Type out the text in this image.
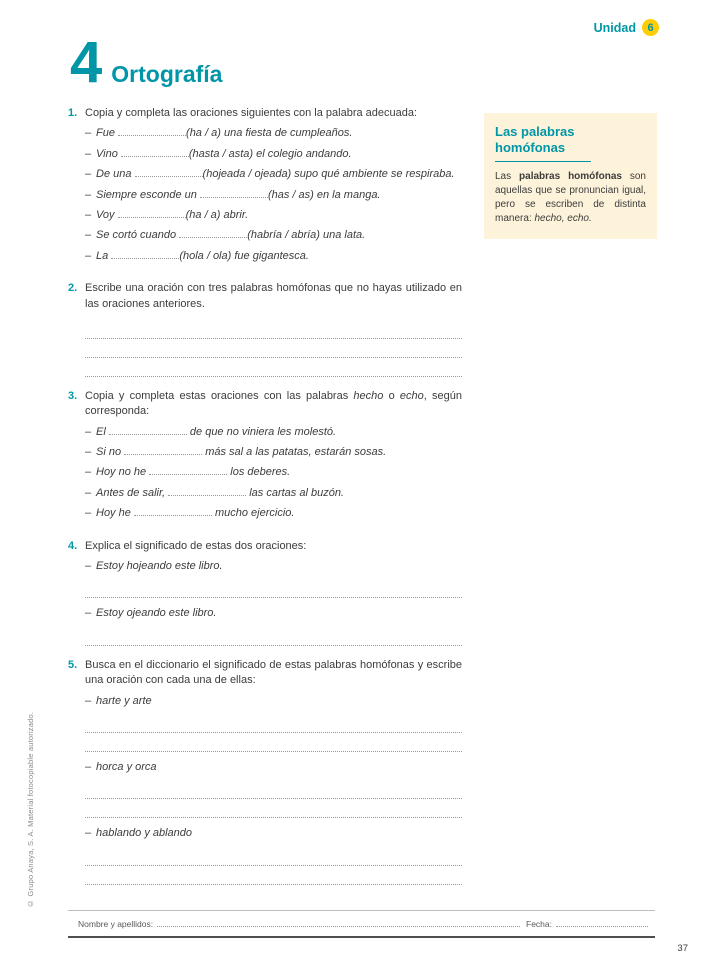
Unidad	6
4 Ortografía
Las palabras homófonas
Las palabras homófonas son aquellas que se pronuncian igual, pero se escriben de distinta manera: hecho, echo.
1. Copia y completa las oraciones siguientes con la palabra adecuada:

– Fue	(ha / a) una fiesta de cumpleaños.
– Vino	(hasta / asta) el colegio andando.
– De una	(hojeada / ojeada) supo qué ambiente se respiraba.
– Siempre esconde un	(has / as) en la manga.
– Voy	(ha / a) abrir.
– Se cortó cuando	(habría / abría) una lata.
– La	(hola / ola) fue gigantesca.
2. Escribe una oración con tres palabras homófonas que no hayas utilizado en las oraciones anteriores.

3. Copia y completa estas oraciones con las palabras hecho o echo, según corresponda:

– El	de que no viniera les molestó.
– Si no	más sal a las patatas, estarán sosas.
– Hoy no he	los deberes.
– Antes de salir,	las cartas al buzón.
– Hoy he	mucho ejercicio.
4. Explica el significado de estas dos oraciones:

– Estoy hojeando este libro.
– Estoy ojeando este libro.
5. Busca en el diccionario el significado de estas palabras homófonas y escribe una oración con cada una de ellas:

– harte y arte
– horca y orca
– hablando y ablando
© Grupo Anaya, S. A. Material fotocopiable autorizado.
Nombre y apellidos:	Fecha:
37
